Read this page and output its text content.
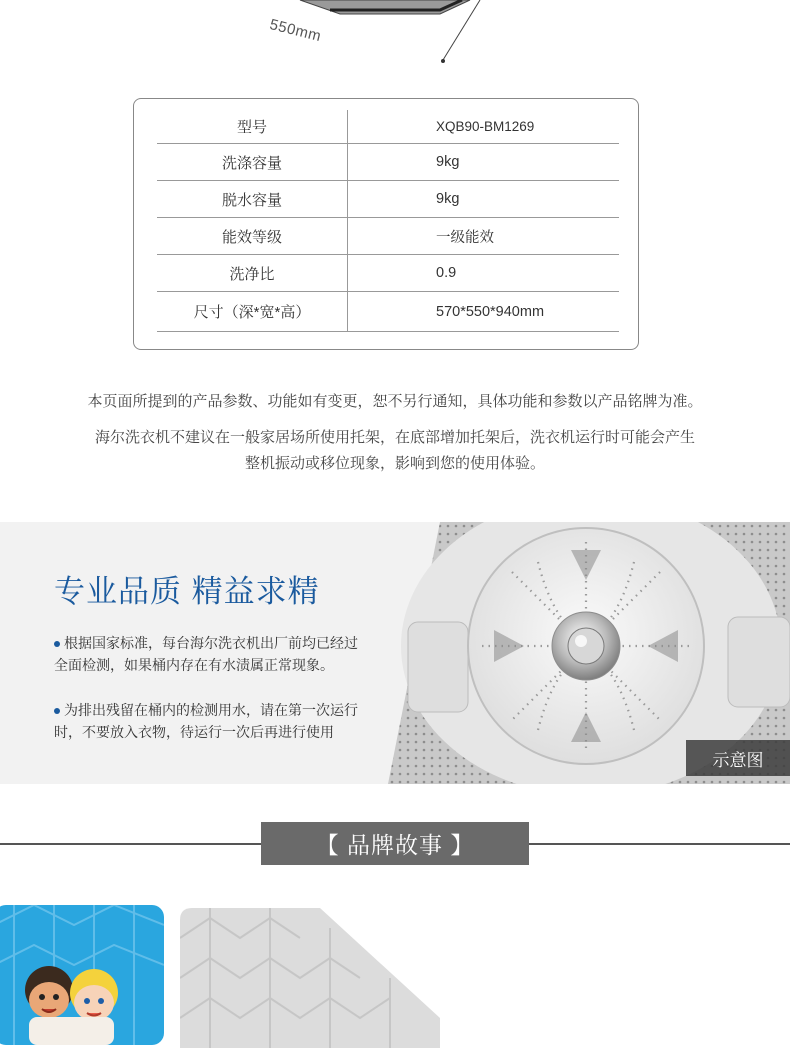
550mm
型号	XQB90-BM1269
洗涤容量	9kg
脱水容量	9kg
能效等级	一级能效
洗净比	0.9
尺寸（深*宽*高）	570*550*940mm
本页面所提到的产品参数、功能如有变更，恕不另行通知，具体功能和参数以产品铭牌为准。
海尔洗衣机不建议在一般家居场所使用托架，在底部增加托架后，洗衣机运行时可能会产生
整机振动或移位现象，影响到您的使用体验。
专业品质 精益求精
根据国家标准，每台海尔洗衣机出厂前均已经过
全面检测，如果桶内存在有水渍属正常现象。
为排出残留在桶内的检测用水，请在第一次运行
时，不要放入衣物，待运行一次后再进行使用
示意图
【 品牌故事 】
